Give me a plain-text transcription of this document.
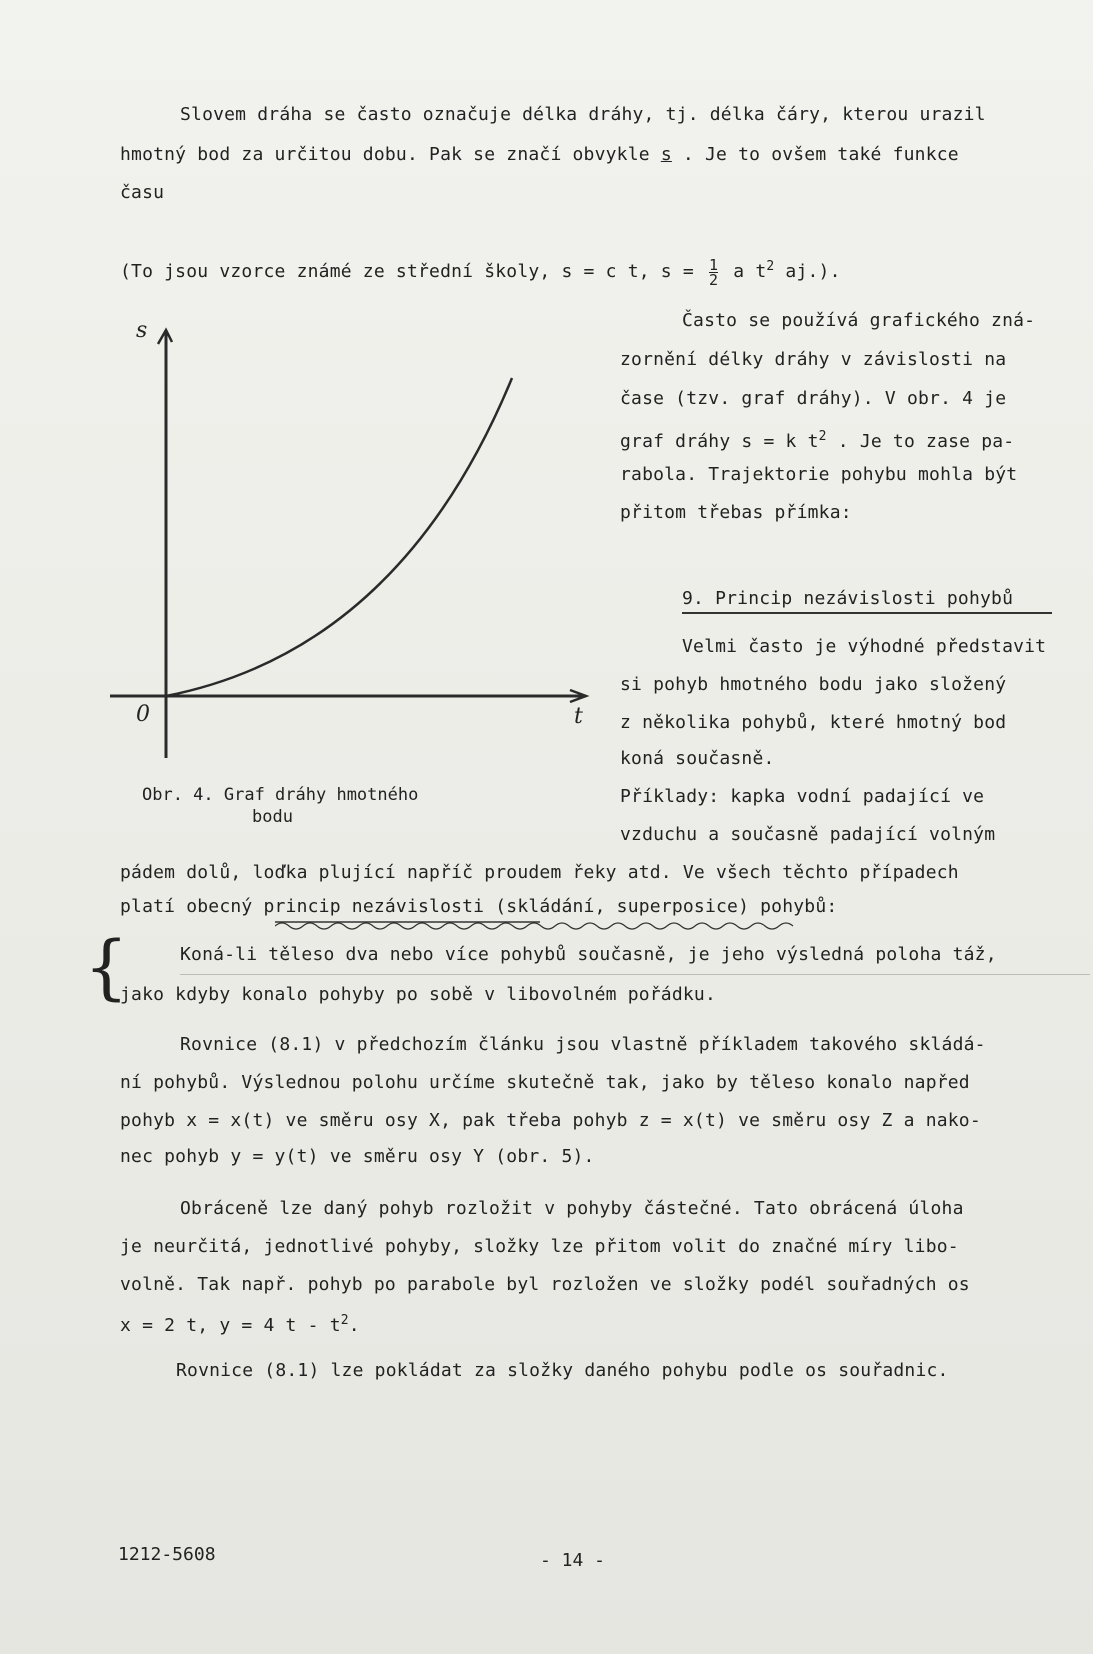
Slovem dráha se často označuje délka dráhy, tj. délka čáry, kterou urazil
hmotný bod za určitou dobu. Pak se značí obvykle s . Je to ovšem také funkce
času
(To jsou vzorce známé ze střední školy, s = c t, $s = \frac{1}{2}$ a $t^2$ aj.).
Často se používá grafického zná-
zornění délky dráhy v závislosti na
čase (tzv. graf dráhy). V obr. 4 je
graf dráhy s = k $t^2$ . Je to zase pa-
rabola. Trajektorie pohybu mohla být
přitom třebas přímka:
9. Princip nezávislosti pohybů
Velmi často je výhodné představit
si pohyb hmotného bodu jako složený
z několika pohybů, které hmotný bod
koná současně.
Příklady: kapka vodní padající ve
vzduchu a současně padající volným
s
t
0
Obr. 4. Graf dráhy hmotného
bodu
pádem dolů, loďka plující napříč proudem řeky atd. Ve všech těchto případech
platí obecný princip nezávislosti (skládání, superposice) pohybů:
{	Koná-li těleso dva nebo více pohybů současně, je jeho výsledná poloha táž,
jako kdyby konalo pohyby po sobě v libovolném pořádku.
Rovnice (8.1) v předchozím článku jsou vlastně příkladem takového skládá-
ní pohybů. Výslednou polohu určíme skutečně tak, jako by těleso konalo napřed
pohyb x = x(t) ve směru osy X, pak třeba pohyb z = x(t) ve směru osy Z a nako-
nec pohyb y = y(t) ve směru osy Y (obr. 5).
Obráceně lze daný pohyb rozložit v pohyby částečné. Tato obrácená úloha
je neurčitá, jednotlivé pohyby, složky lze přitom volit do značné míry libo-
volně. Tak např. pohyb po parabole byl rozložen ve složky podél souřadných os
x = 2 t, y = 4 t - $t^2$.
Rovnice (8.1) lze pokládat za složky daného pohybu podle os souřadnic.
1212-5608	- 14 -
